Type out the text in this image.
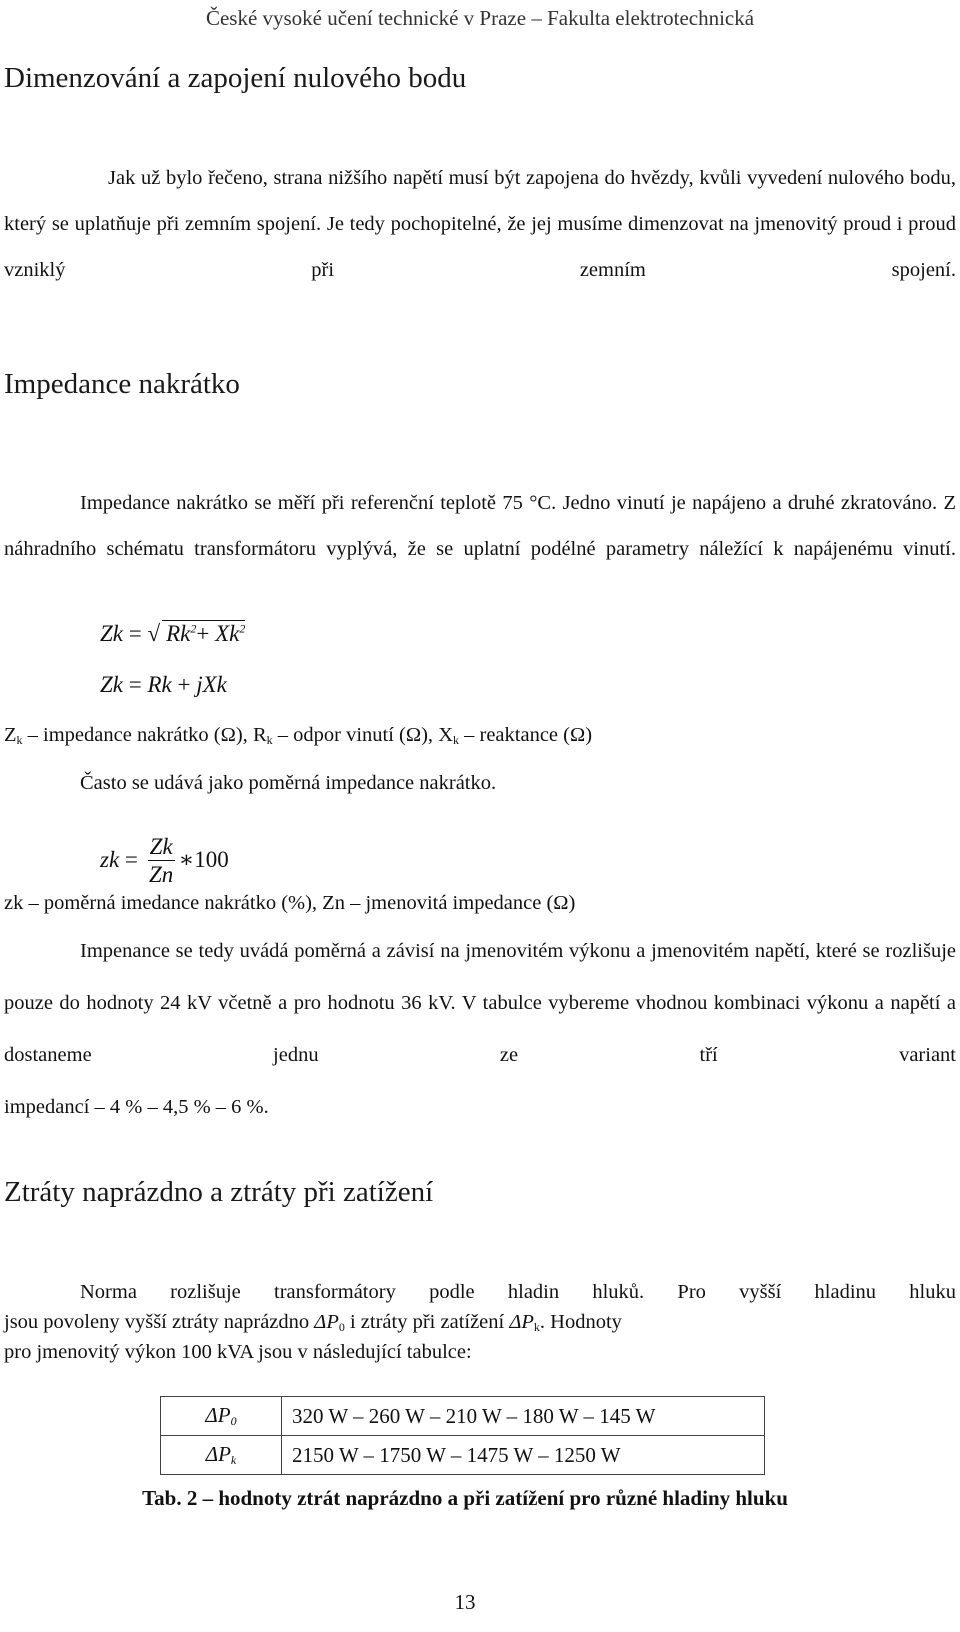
České vysoké učení technické v Praze – Fakulta elektrotechnická
Dimenzování a zapojení nulového bodu
Jak už bylo řečeno, strana nižšího napětí musí být zapojena do hvězdy, kvůli vyvedení nulového bodu, který se uplatňuje při zemním spojení. Je tedy pochopitelné, že jej musíme dimenzovat na jmenovitý proud i proud vzniklý při zemním spojení.
Impedance nakrátko
Impedance nakrátko se měří při referenční teplotě 75 °C. Jedno vinutí je napájeno a druhé zkratováno. Z náhradního schématu transformátoru vyplývá, že se uplatní podélné parametry náležící k napájenému vinutí.
Zk = √ $Rk^2+ Xk^2$
Zk = Rk + jXk
$Z_k$ – impedance nakrátko (Ω), $R_k$ – odpor vinutí (Ω), $X_k$ – reaktance (Ω)
Často se udává jako poměrná impedance nakrátko.
zk = $\frac{Zk}{Zn}$ ∗100
zk – poměrná imedance nakrátko (%), Zn – jmenovitá impedance (Ω)
Impenance se tedy uvádá poměrná a závisí na jmenovitém výkonu a jmenovitém napětí, které se rozlišuje pouze do hodnoty 24 kV včetně a pro hodnotu 36 kV. V tabulce vybereme vhodnou kombinaci výkonu a napětí a dostaneme jednu ze tří variant
impedancí – 4 % – 4,5 % – 6 %.
Ztráty naprázdno a ztráty při zatížení
Norma rozlišuje transformátory podle hladin hluků. Pro vyšší hladinu hluku
jsou povoleny vyšší ztráty naprázdno $\Delta P_0$ i ztráty při zatížení $\Delta P_k$. Hodnoty
pro jmenovitý výkon 100 kVA jsou v následující tabulce:
$\Delta P_0$	320 W – 260 W – 210 W – 180 W – 145 W
$\Delta P_k$	2150 W – 1750 W – 1475 W – 1250 W
Tab. 2 – hodnoty ztrát naprázdno a při zatížení pro různé hladiny hluku
13
